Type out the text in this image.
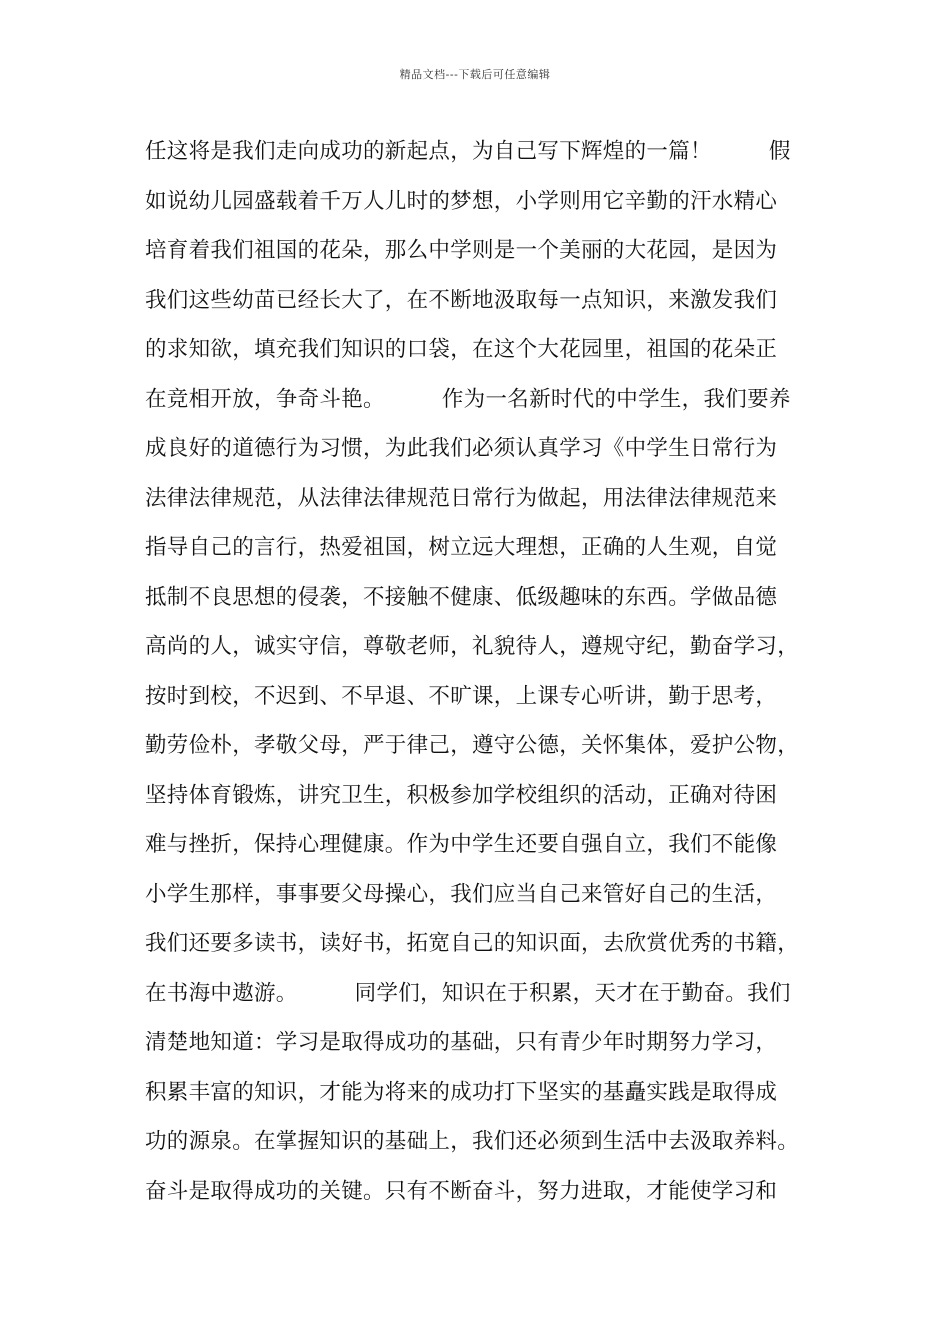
精品文档---下载后可任意编辑
任这将是我们走向成功的新起点，为自己写下辉煌的一篇！        假
如说幼儿园盛载着千万人儿时的梦想，小学则用它辛勤的汗水精心
培育着我们祖国的花朵，那么中学则是一个美丽的大花园，是因为
我们这些幼苗已经长大了，在不断地汲取每一点知识，来激发我们
的求知欲，填充我们知识的口袋，在这个大花园里，祖国的花朵正
在竞相开放，争奇斗艳。        作为一名新时代的中学生，我们要养
成良好的道德行为习惯，为此我们必须认真学习《中学生日常行为
法律法律规范，从法律法律规范日常行为做起，用法律法律规范来
指导自己的言行，热爱祖国，树立远大理想，正确的人生观，自觉
抵制不良思想的侵袭，不接触不健康、低级趣味的东西。学做品德
高尚的人，诚实守信，尊敬老师，礼貌待人，遵规守纪，勤奋学习，
按时到校，不迟到、不早退、不旷课，上课专心听讲，勤于思考，
勤劳俭朴，孝敬父母，严于律己，遵守公德，关怀集体，爱护公物，
坚持体育锻炼，讲究卫生，积极参加学校组织的活动，正确对待困
难与挫折，保持心理健康。作为中学生还要自强自立，我们不能像
小学生那样，事事要父母操心，我们应当自己来管好自己的生活，
我们还要多读书，读好书，拓宽自己的知识面，去欣赏优秀的书籍，
在书海中遨游。        同学们，知识在于积累，天才在于勤奋。我们
清楚地知道：学习是取得成功的基础，只有青少年时期努力学习，
积累丰富的知识，才能为将来的成功打下坚实的基矗实践是取得成
功的源泉。在掌握知识的基础上，我们还必须到生活中去汲取养料。
奋斗是取得成功的关键。只有不断奋斗，努力进取，才能使学习和
